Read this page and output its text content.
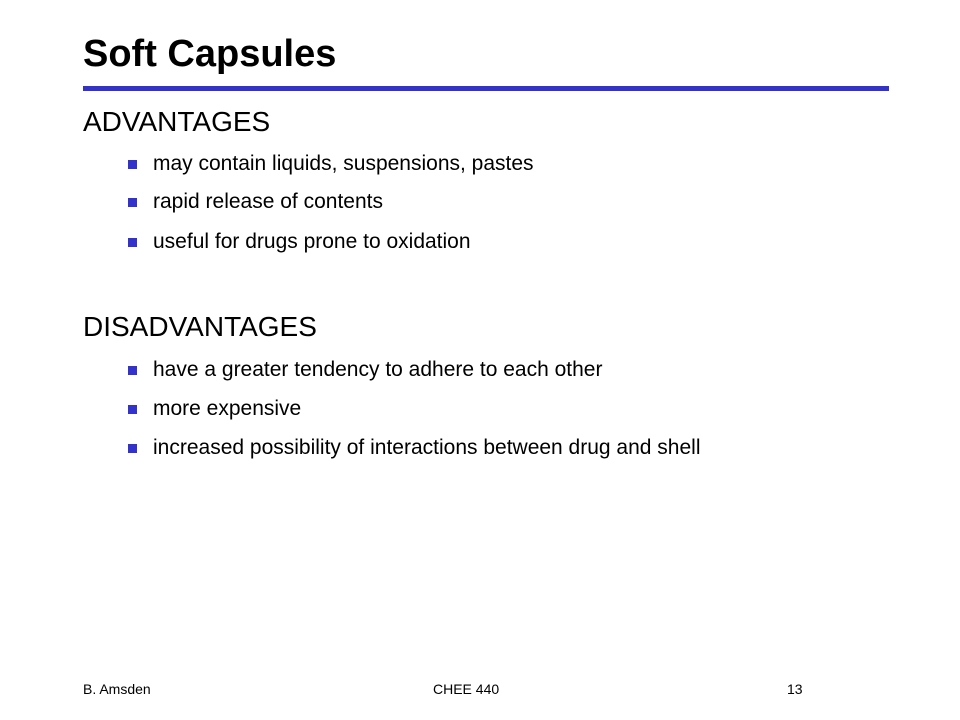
Soft Capsules
ADVANTAGES
may contain liquids, suspensions, pastes
rapid release of contents
useful for drugs prone to oxidation
DISADVANTAGES
have a greater tendency to adhere to each other
more expensive
increased possibility of interactions between drug and shell
B. Amsden	CHEE 440	13
